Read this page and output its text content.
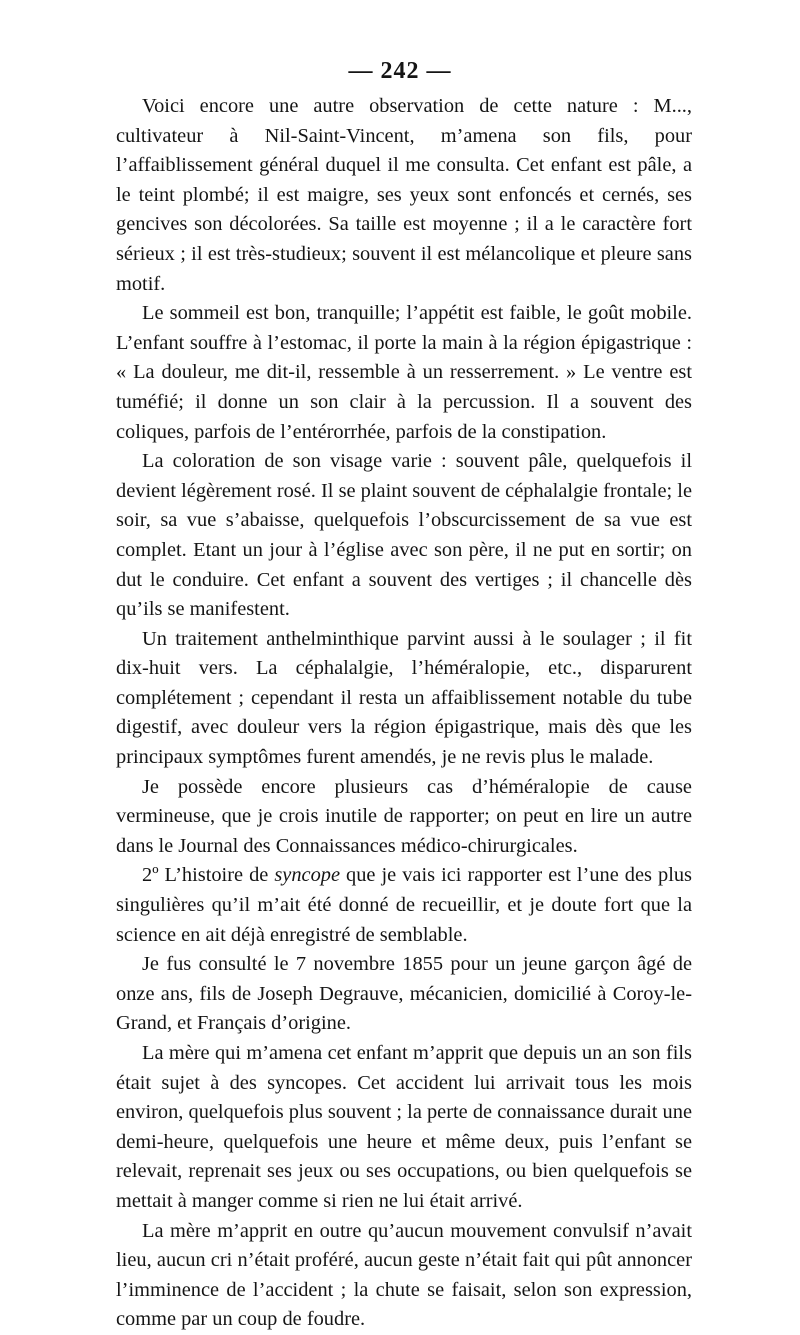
— 242 —

Voici encore une autre observation de cette nature : M..., cultivateur à Nil-Saint-Vincent, m’amena son fils, pour l’affaiblissement général duquel il me consulta. Cet enfant est pâle, a le teint plombé; il est maigre, ses yeux sont enfoncés et cernés, ses gencives son décolorées. Sa taille est moyenne ; il a le caractère fort sérieux ; il est très-studieux; souvent il est mélancolique et pleure sans motif.

Le sommeil est bon, tranquille; l’appétit est faible, le goût mobile. L’enfant souffre à l’estomac, il porte la main à la région épigastrique : « La douleur, me dit-il, ressemble à un resserrement. » Le ventre est tuméfié; il donne un son clair à la percussion. Il a souvent des coliques, parfois de l’entérorrhée, parfois de la constipation.

La coloration de son visage varie : souvent pâle, quelquefois il devient légèrement rosé. Il se plaint souvent de céphalalgie frontale; le soir, sa vue s’abaisse, quelquefois l’obscurcissement de sa vue est complet. Etant un jour à l’église avec son père, il ne put en sortir; on dut le conduire. Cet enfant a souvent des vertiges ; il chancelle dès qu’ils se manifestent.

Un traitement anthelminthique parvint aussi à le soulager ; il fit dix-huit vers. La céphalalgie, l’héméralopie, etc., disparurent complétement ; cependant il resta un affaiblissement notable du tube digestif, avec douleur vers la région épigastrique, mais dès que les principaux symptômes furent amendés, je ne revis plus le malade.

Je possède encore plusieurs cas d’héméralopie de cause vermineuse, que je crois inutile de rapporter; on peut en lire un autre dans le Journal des Connaissances médico-chirurgicales.

2º L’histoire de syncope que je vais ici rapporter est l’une des plus singulières qu’il m’ait été donné de recueillir, et je doute fort que la science en ait déjà enregistré de semblable.

Je fus consulté le 7 novembre 1855 pour un jeune garçon âgé de onze ans, fils de Joseph Degrauve, mécanicien, domicilié à Coroy-le-Grand, et Français d’origine.

La mère qui m’amena cet enfant m’apprit que depuis un an son fils était sujet à des syncopes. Cet accident lui arrivait tous les mois environ, quelquefois plus souvent ; la perte de connaissance durait une demi-heure, quelquefois une heure et même deux, puis l’enfant se relevait, reprenait ses jeux ou ses occupations, ou bien quelquefois se mettait à manger comme si rien ne lui était arrivé.

La mère m’apprit en outre qu’aucun mouvement convulsif n’avait lieu, aucun cri n’était proféré, aucun geste n’était fait qui pût annoncer l’imminence de l’accident ; la chute se faisait, selon son expression, comme par un coup de foudre.
